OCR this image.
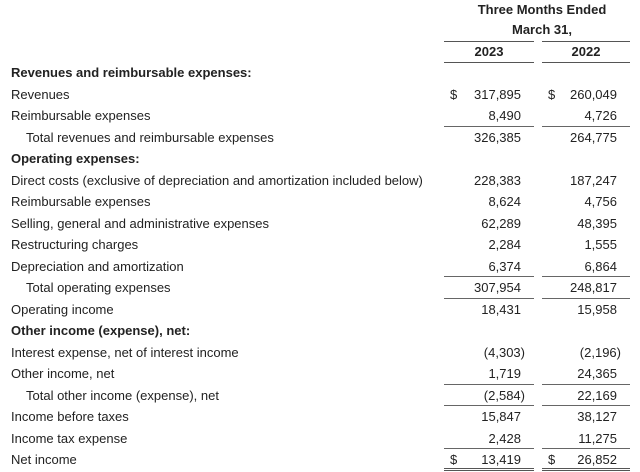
Three Months Ended
March 31,
2023	2022
Revenues and reimbursable expenses:
Revenues	$ 317,895 $ 260,049
Reimbursable expenses	8,490	4,726
Total revenues and reimbursable expenses	326,385	264,775
Operating expenses:
Direct costs (exclusive of depreciation and amortization included below)	228,383	187,247
Reimbursable expenses	8,624	4,756
Selling, general and administrative expenses	62,289	48,395
Restructuring charges	2,284	1,555
Depreciation and amortization	6,374	6,864
Total operating expenses	307,954	248,817
Operating income	18,431	15,958
Other income (expense), net:
Interest expense, net of interest income	(4,303)	(2,196)
Other income, net	1,719	24,365
Total other income (expense), net	(2,584)	22,169
Income before taxes	15,847	38,127
Income tax expense	2,428	11,275
Net income	$ 13,419 $ 26,852
